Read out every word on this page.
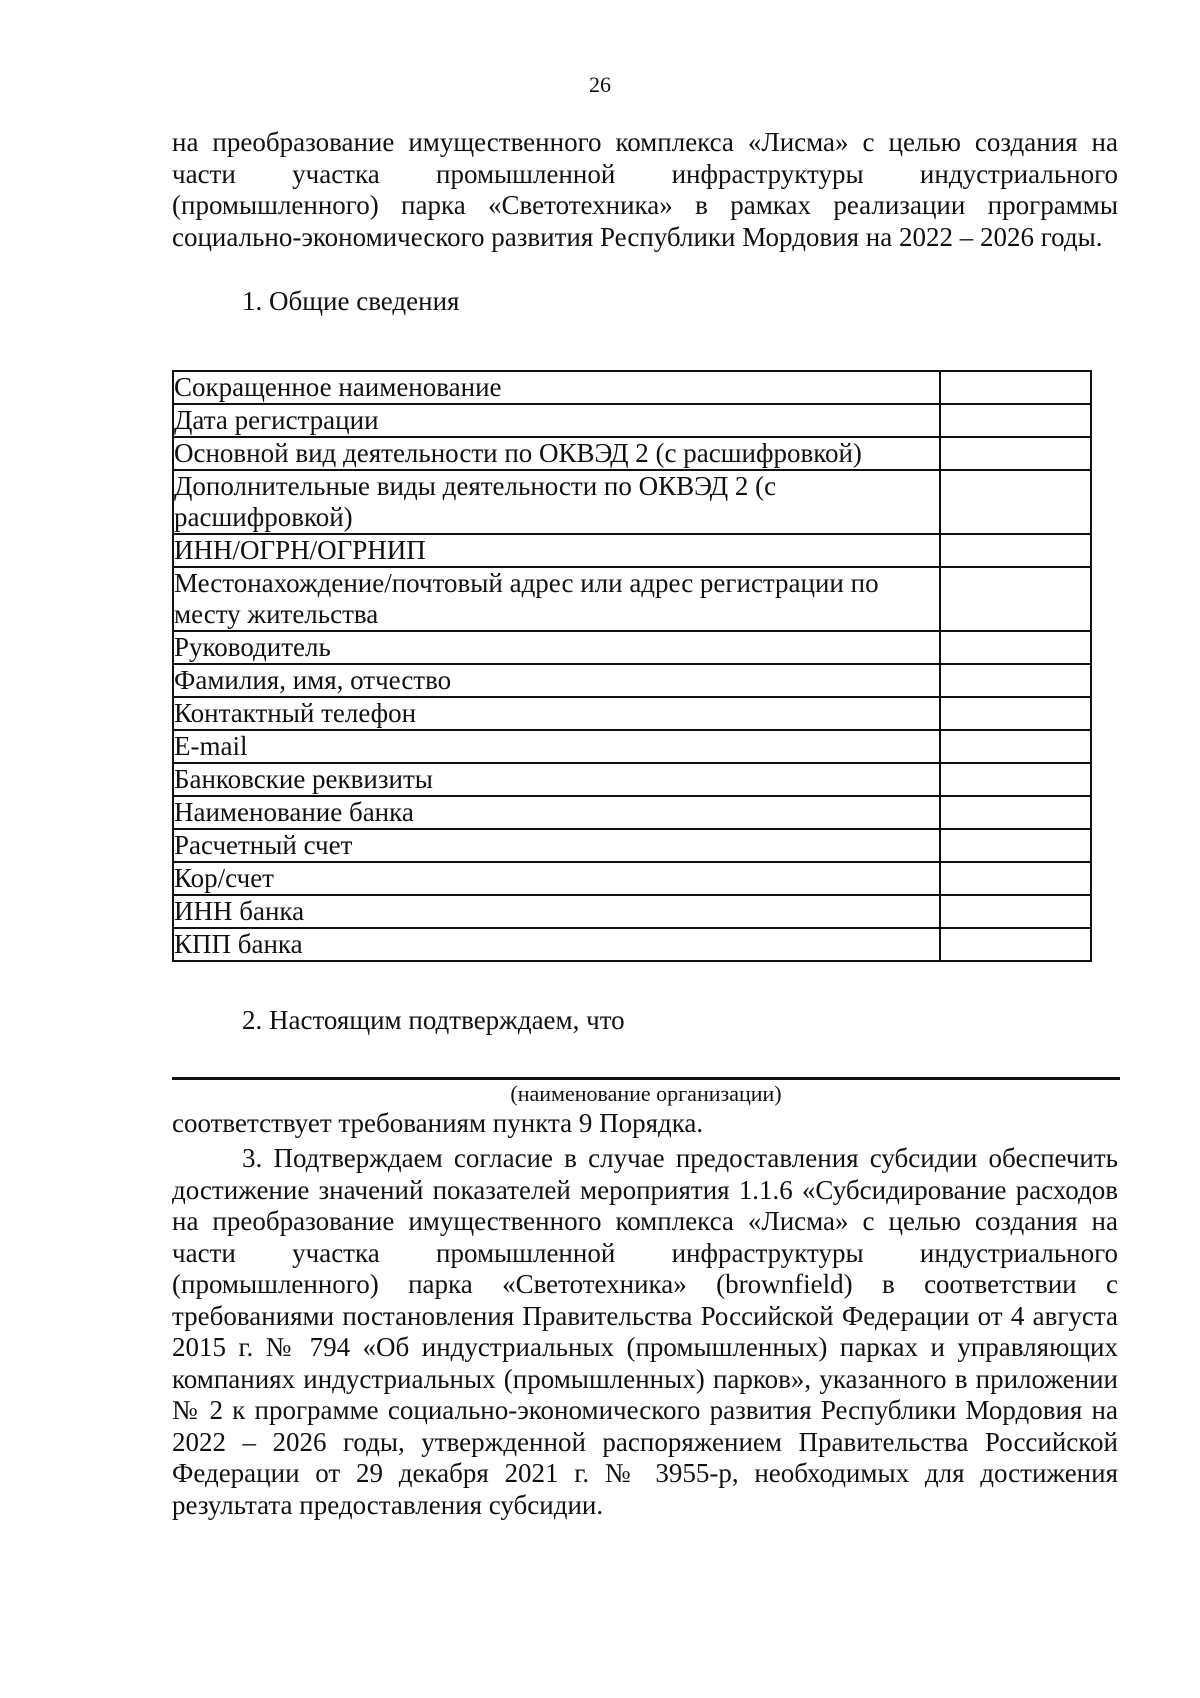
26
на преобразование имущественного комплекса «Лисма» с целью создания на части участка промышленной инфраструктуры индустриального (промышленного) парка «Светотехника» в рамках реализации программы социально-экономического развития Республики Мордовия на 2022 – 2026 годы.
1. Общие сведения
Сокращенное наименование	
Дата регистрации	
Основной вид деятельности по ОКВЭД 2 (с расшифровкой)	
Дополнительные виды деятельности по ОКВЭД 2 (с расшифровкой)	
ИНН/ОГРН/ОГРНИП	
Местонахождение/почтовый адрес или адрес регистрации по месту жительства	
Руководитель	
Фамилия, имя, отчество	
Контактный телефон	
E-mail	
Банковские реквизиты	
Наименование банка	
Расчетный счет	
Кор/счет	
ИНН банка	
КПП банка	
2. Настоящим подтверждаем, что
(наименование организации)
соответствует требованиям пункта 9 Порядка.
3. Подтверждаем согласие в случае предоставления субсидии обеспечить достижение значений показателей мероприятия 1.1.6 «Субсидирование расходов на преобразование имущественного комплекса «Лисма» с целью создания на части участка промышленной инфраструктуры индустриального (промышленного) парка «Светотехника» (brownfield) в соответствии с требованиями постановления Правительства Российской Федерации от 4 августа 2015 г. № 794 «Об индустриальных (промышленных) парках и управляющих компаниях индустриальных (промышленных) парков», указанного в приложении № 2 к программе социально-экономического развития Республики Мордовия на 2022 – 2026 годы, утвержденной распоряжением Правительства Российской Федерации от 29 декабря 2021 г. № 3955-р, необходимых для достижения результата предоставления субсидии.
